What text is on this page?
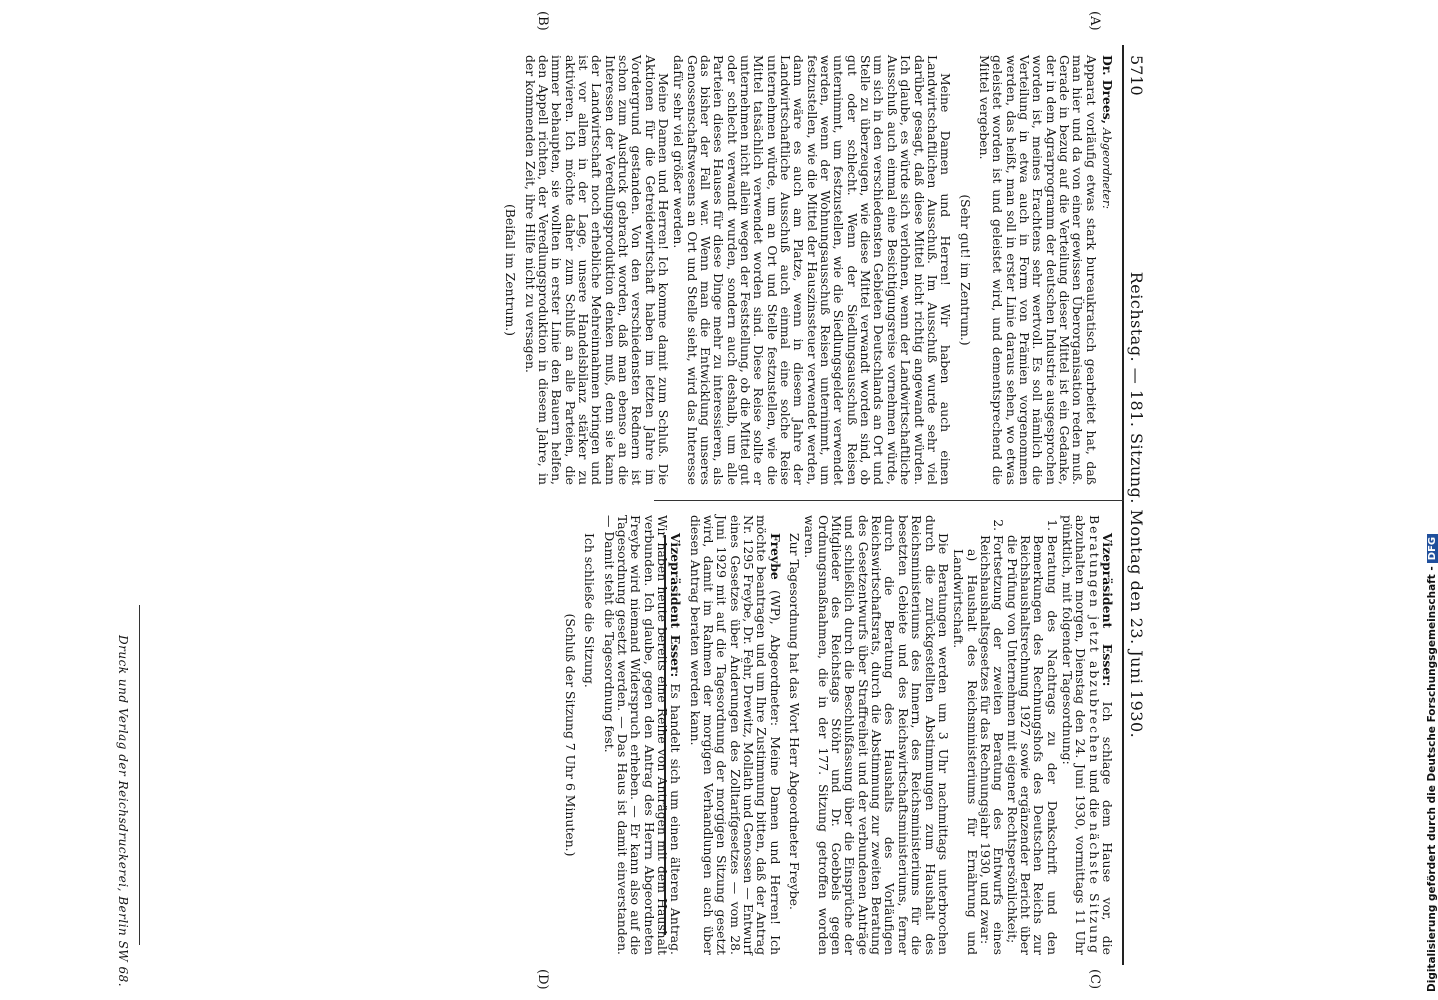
5710
Reichstag. — 181. Sitzung. Montag den 23. Juni 1930.
(A)
(B)
(C)
(D)

Dr. Drees, Abgeordneter:

Apparat vorläufig etwas stark bureaukratisch gearbeitet hat, daß man hier und da von einer gewissen Überorganisation reden muß. Gerade in bezug auf die Verteilung dieser Mittel ist ein Gedanke, der in dem Agrarprogramm der deutschen Industrie ausgesprochen worden ist, meines Erachtens sehr wertvoll. Es soll nämlich die Verteilung in etwa auch in Form von Prämien vorgenommen werden, das heißt, man soll in erster Linie daraus sehen, wo etwas geleistet worden ist und geleistet wird, und dementsprechend die Mittel vergeben.

(Sehr gut! im Zentrum.)

Meine Damen und Herren! Wir haben auch einen Landwirtschaftlichen Ausschuß. Im Ausschuß wurde sehr viel darüber gesagt, daß diese Mittel nicht richtig angewandt würden. Ich glaube, es würde sich verlohnen, wenn der Landwirtschaftliche Ausschuß auch einmal eine Besichtigungsreise vornehmen würde, um sich in den verschiedensten Gebieten Deutschlands an Ort und Stelle zu überzeugen, wie diese Mittel verwandt worden sind, ob gut oder schlecht. Wenn der Siedlungsausschuß Reisen unternimmt, um festzustellen, wie die Siedlungsgelder verwendet werden, wenn der Wohnungsausschuß Reisen unternimmt, um festzustellen, wie die Mittel der Hauszinssteuer verwendet werden, dann wäre es auch am Platze, wenn in diesem Jahre der Landwirtschaftliche Ausschuß auch einmal eine solche Reise unternehmen würde, um an Ort und Stelle festzustellen, wie die Mittel tatsächlich verwendet worden sind. Diese Reise sollte er unternehmen nicht allein wegen der Feststellung, ob die Mittel gut oder schlecht verwandt wurden, sondern auch deshalb, um alle Parteien dieses Hauses für diese Dinge mehr zu interessieren, als das bisher der Fall war. Wenn man die Entwicklung unseres Genossenschaftswesens an Ort und Stelle sieht, wird das Interesse dafür sehr viel größer werden.

Meine Damen und Herren! Ich komme damit zum Schluß. Die Aktionen für die Getreidewirtschaft haben im letzten Jahre im Vordergrund gestanden. Von den verschiedensten Rednern ist schon zum Ausdruck gebracht worden, daß man ebenso an die Interessen der Veredlungsproduktion denken muß, denn sie kann der Landwirtschaft noch erhebliche Mehreinnahmen bringen und ist vor allem in der Lage, unsere Handelsbilanz stärker zu aktivieren. Ich möchte daher zum Schluß an alle Parteien, die immer behaupten, sie wollten in erster Linie den Bauern helfen, den Appell richten, der Veredlungsproduktion in diesem Jahre, in der kommenden Zeit, ihre Hilfe nicht zu versagen.

(Beifall im Zentrum.)

Vizepräsident Esser: Ich schlage dem Hause vor, die Beratungen jetzt abzubrechen und die nächste Sitzung abzuhalten morgen, Dienstag den 24. Juni 1930, vormittags 11 Uhr pünktlich, mit folgender Tagesordnung:

1. Beratung des Nachtrags zu der Denkschrift und den Bemerkungen des Rechnungshofs des Deutschen Reichs zur Reichshaushaltsrechnung 1927 sowie ergänzender Bericht über die Prüfung von Unternehmen mit eigener Rechtspersönlichkeit;
2. Fortsetzung der zweiten Beratung des Entwurfs eines Reichshaushaltsgesetzes für das Rechnungsjahr 1930, und zwar:
a) Haushalt des Reichsministeriums für Ernährung und Landwirtschaft.

Die Beratungen werden um 3 Uhr nachmittags unterbrochen durch die zurückgestellten Abstimmungen zum Haushalt des Reichsministeriums des Innern, des Reichsministeriums für die besetzten Gebiete und des Reichswirtschaftsministeriums, ferner durch die Beratung des Haushalts des Vorläufigen Reichswirtschaftsrats, durch die Abstimmung zur zweiten Beratung des Gesetzentwurfs über Straffreiheit und der verbundenen Anträge und schließlich durch die Beschlußfassung über die Einsprüche der Mitglieder des Reichstags Stöhr und Dr. Goebbels gegen Ordnungsmaßnahmen, die in der 177. Sitzung getroffen worden waren.

Zur Tagesordnung hat das Wort Herr Abgeordneter Freybe.

Freybe (WP), Abgeordneter: Meine Damen und Herren! Ich möchte beantragen und um Ihre Zustimmung bitten, daß der Antrag Nr. 1295 Freybe, Dr. Fehr, Drewitz, Mollath und Genossen — Entwurf eines Gesetzes über Änderungen des Zolltarifgesetzes — vom 28. Juni 1929 mit auf die Tagesordnung der morgigen Sitzung gesetzt wird, damit im Rahmen der morgigen Verhandlungen auch über diesen Antrag beraten werden kann.

Vizepräsident Esser: Es handelt sich um einen älteren Antrag. Wir haben heute bereits eine Reihe von Anträgen mit dem Haushalt verbunden. Ich glaube, gegen den Antrag des Herrn Abgeordneten Freybe wird niemand Widerspruch erheben. — Er kann also auf die Tagesordnung gesetzt werden. — Das Haus ist damit einverstanden. — Damit steht die Tagesordnung fest.

Ich schließe die Sitzung.

(Schluß der Sitzung 7 Uhr 6 Minuten.)

Druck und Verlag der Reichsdruckerei, Berlin SW 68.	Digitalisierung gefördert durch die Deutsche Forschungsgemeinschaft -DFG
